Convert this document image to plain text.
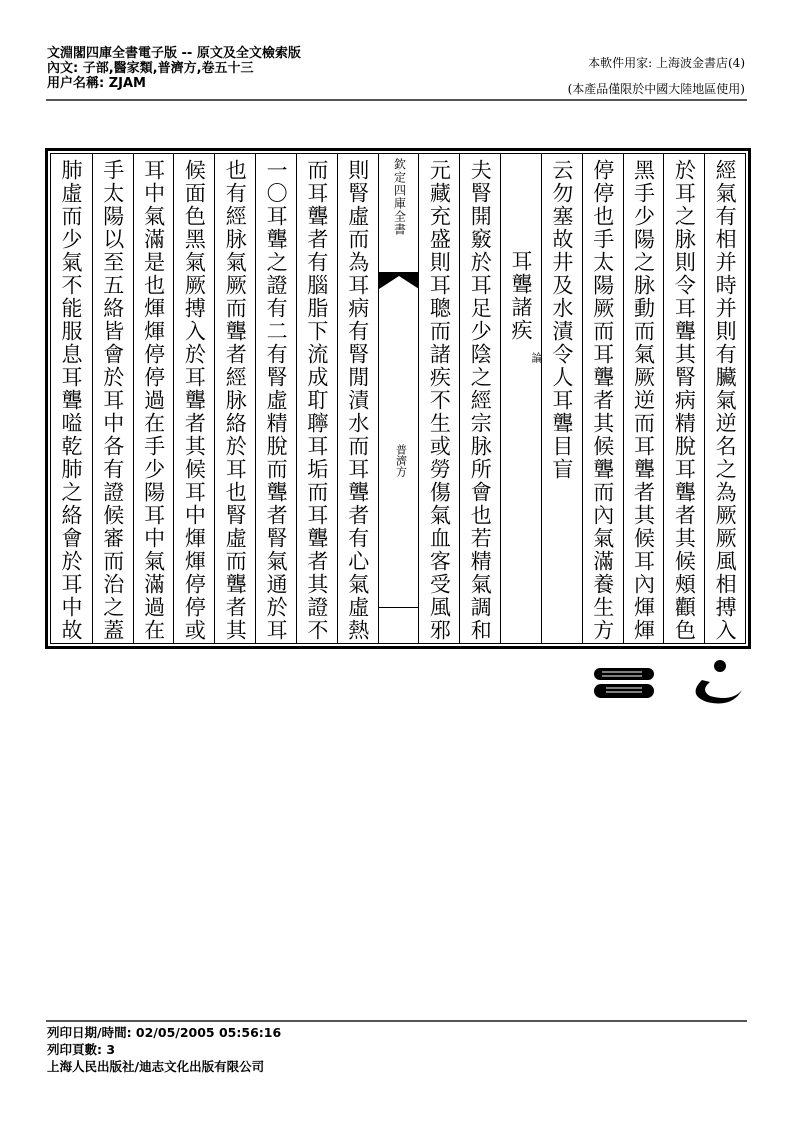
文淵閣四庫全書電子版 -- 原文及全文檢索版
內文: 子部,醫家類,普濟方,卷五十三
用户名稱: ZJAM
本軟件用家: 上海波金書店(4)
(本產品僅限於中國大陸地區使用)
經氣有相并時并則有臟氣逆名之為厥厥風相搏入
於耳之脉則令耳聾其腎病精脫耳聾者其候頰顴色
黑手少陽之脉動而氣厥逆而耳聾者其候耳內煇煇
停停也手太陽厥而耳聾者其候聾而內氣滿養生方
云勿塞故井及水漬令人耳聾目盲
耳聾諸疾
論
夫腎開竅於耳足少陰之經宗脉所會也若精氣調和
元藏充盛則耳聰而諸疾不生或勞傷氣血客受風邪
欽定四庫全書
普濟方
則腎虛而為耳病有腎閒漬水而耳聾者有心氣虛熱
而耳聾者有腦脂下流成耵聹耳垢而耳聾者其證不
一〇耳聾之證有二有腎虛精脫而聾者腎氣通於耳
也有經脉氣厥而聾者經脉絡於耳也腎虛而聾者其
候面色黑氣厥搏入於耳聾者其候耳中煇煇停停或
耳中氣滿是也煇煇停停過在手少陽耳中氣滿過在
手太陽以至五絡皆會於耳中各有證候審而治之蓋
肺虛而少氣不能服息耳聾嗌乾肺之絡會於耳中故
列印日期/時間: 02/05/2005 05:56:16
列印頁數: 3
上海人民出版社/迪志文化出版有限公司
